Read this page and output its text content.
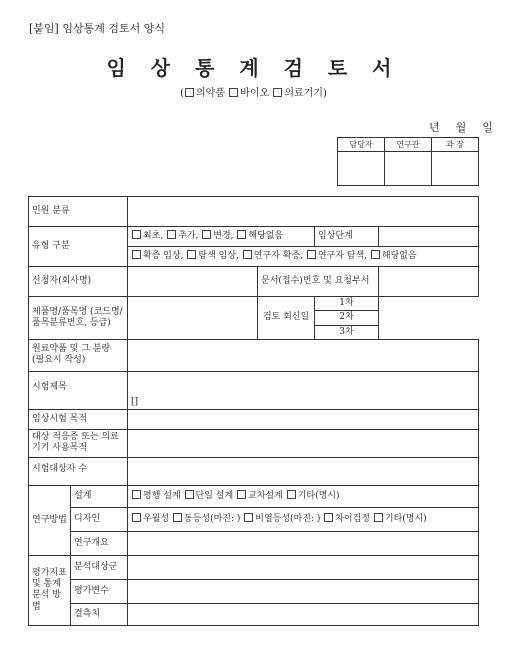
[붙임] 임상통계 검토서 양식
임 상 통 계 검 토 서
( 의약품 바이오 의료기기)
년 월 일
담당자	연구관	과 장

민원 분류					
유형 구분		최초, 추가, 변경, 해당없음		임상단계	
		확증 임상, 탐색 임상, 연구자 확증, 연구자 탐색, 해당없음			
신청자(회사명)			문서(접수)번호 및 요청부서		
제품명/품목명 (코드명/품목분류번호, 등급)			검토 회신일	1차	
				2차	
				3차	
원료약품 및 그 분량 (필요시 작성)					
시험제목		[]			
임상시험 목적					
대상 적응증 또는 의료기기 사용목적					
시험대상자 수					
연구방법	설계	평행 설계 단일 설계 교차설계 기타(명시)			
	디자인	우월성 동등성(마진: ) 비열등성(마진: ) 차이검정 기타(명시)			
	연구개요				
평가지표 및 통계분석 방법	분석대상군				
	평가변수				
	결측치				
